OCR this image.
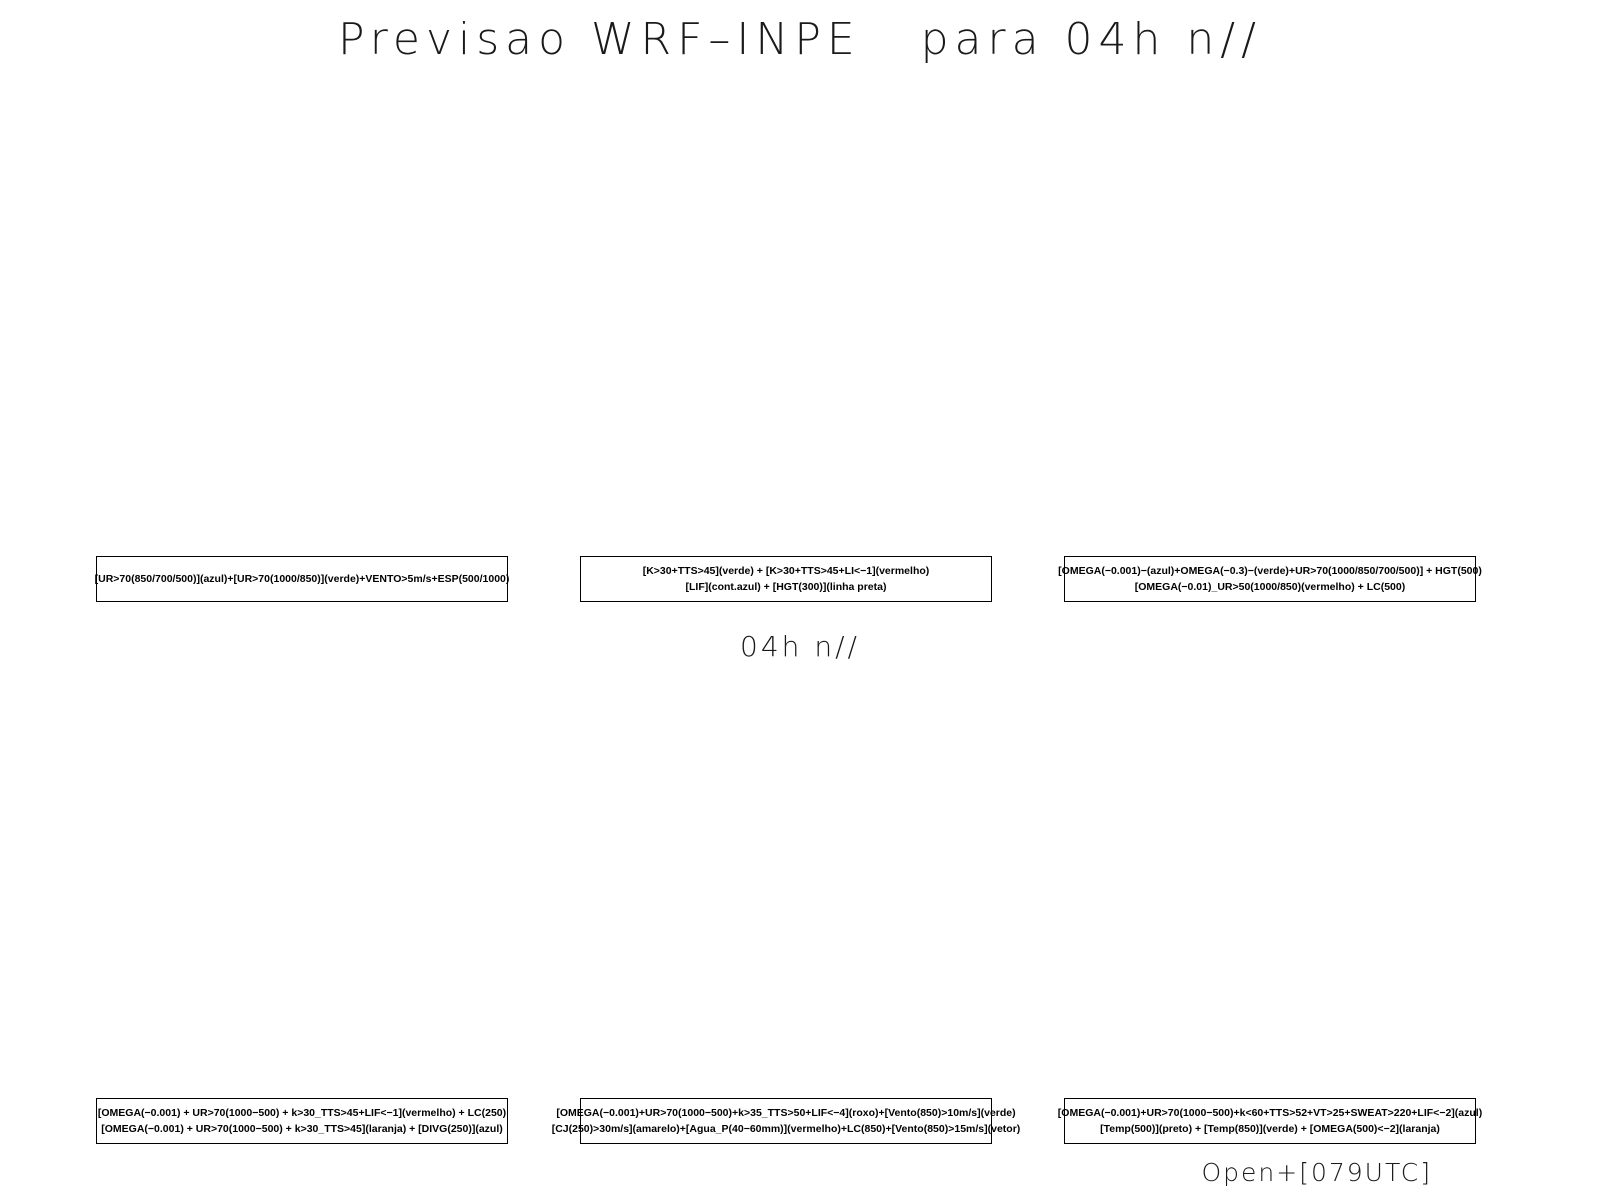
Previsao WRF–INPE   para 04h n//
[UR>70(850/700/500)](azul)+[UR>70(1000/850)](verde)+VENTO>5m/s+ESP(500/1000)
[K>30+TTS>45](verde) + [K>30+TTS>45+LI<−1](vermelho)
[LIF](cont.azul) + [HGT(300)](linha preta)
[OMEGA(−0.001)−(azul)+OMEGA(−0.3)−(verde)+UR>70(1000/850/700/500)] + HGT(500)
[OMEGA(−0.01)_UR>50(1000/850)(vermelho) + LC(500)
04h n//
[OMEGA(−0.001) + UR>70(1000−500) + k>30_TTS>45+LIF<−1](vermelho) + LC(250)
[OMEGA(−0.001) + UR>70(1000−500) + k>30_TTS>45](laranja) + [DIVG(250)](azul)
[OMEGA(−0.001)+UR>70(1000−500)+k>35_TTS>50+LIF<−4](roxo)+[Vento(850)>10m/s](verde)
[CJ(250)>30m/s](amarelo)+[Agua_P(40−60mm)](vermelho)+LC(850)+[Vento(850)>15m/s](vetor)
[OMEGA(−0.001)+UR>70(1000−500)+k<60+TTS>52+VT>25+SWEAT>220+LIF<−2](azul)
[Temp(500)](preto) + [Temp(850)](verde) + [OMEGA(500)<−2](laranja)
Open+[079UTC]
